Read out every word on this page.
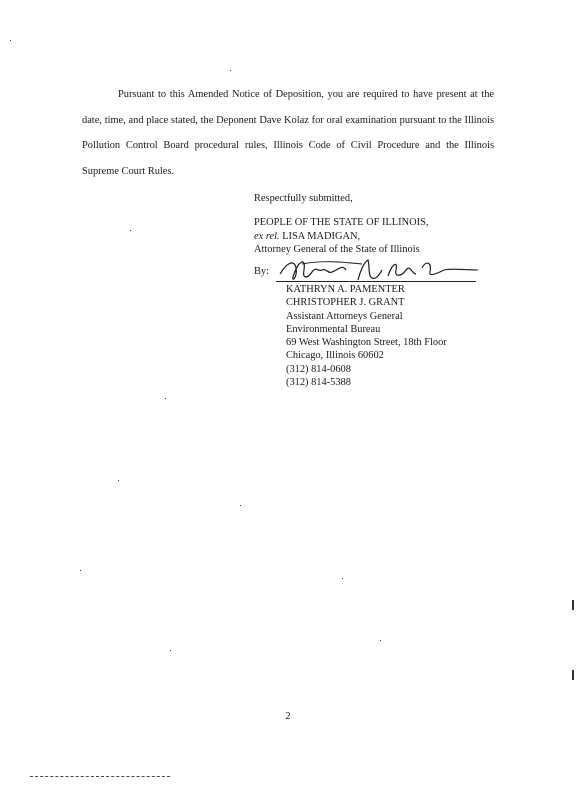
Pursuant to this Amended Notice of Deposition, you are required to have present at the date, time, and place stated, the Deponent Dave Kolaz for oral examination pursuant to the Illinois Pollution Control Board procedural rules, Illinois Code of Civil Procedure and the Illinois Supreme Court Rules.

Respectfully submitted,

PEOPLE OF THE STATE OF ILLINOIS,
ex rel. LISA MADIGAN,
Attorney General of the State of Illinois
By:
KATHRYN A. PAMENTER
CHRISTOPHER J. GRANT
Assistant Attorneys General
Environmental Bureau
69 West Washington Street, 18th Floor
Chicago, Illinois 60602
(312) 814-0608
(312) 814-5388
2
